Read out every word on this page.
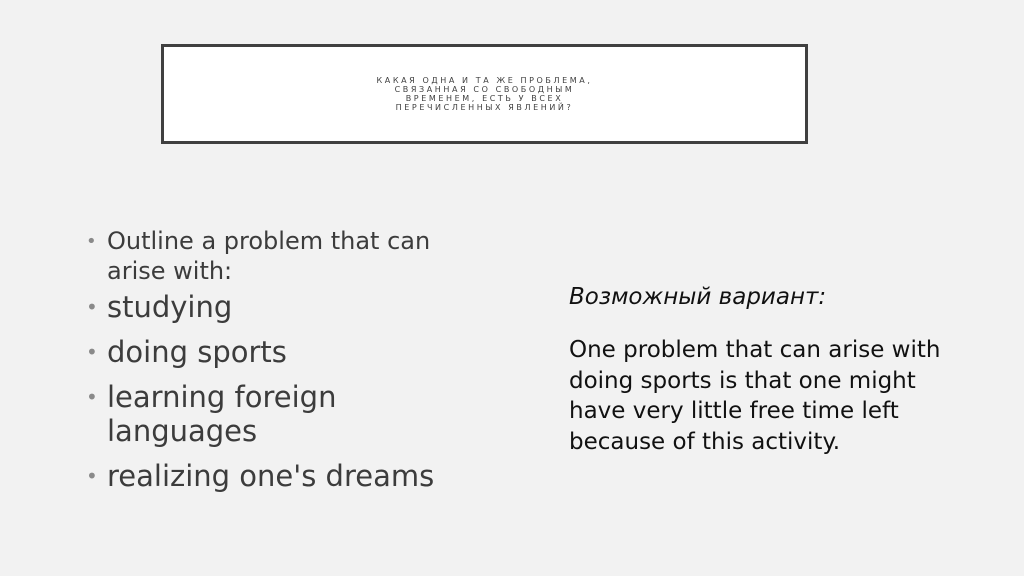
КАКАЯ ОДНА И ТА ЖЕ ПРОБЛЕМА, СВЯЗАННАЯ СО СВОБОДНЫМ ВРЕМЕНЕМ, ЕСТЬ У ВСЕХ ПЕРЕЧИСЛЕННЫХ ЯВЛЕНИЙ?
• Outline a problem that can arise with:
• studying
• doing sports
• learning foreign languages
• realizing one's dreams
Возможный вариант:
One problem that can arise with doing sports is that one might have very little free time left because of this activity.
